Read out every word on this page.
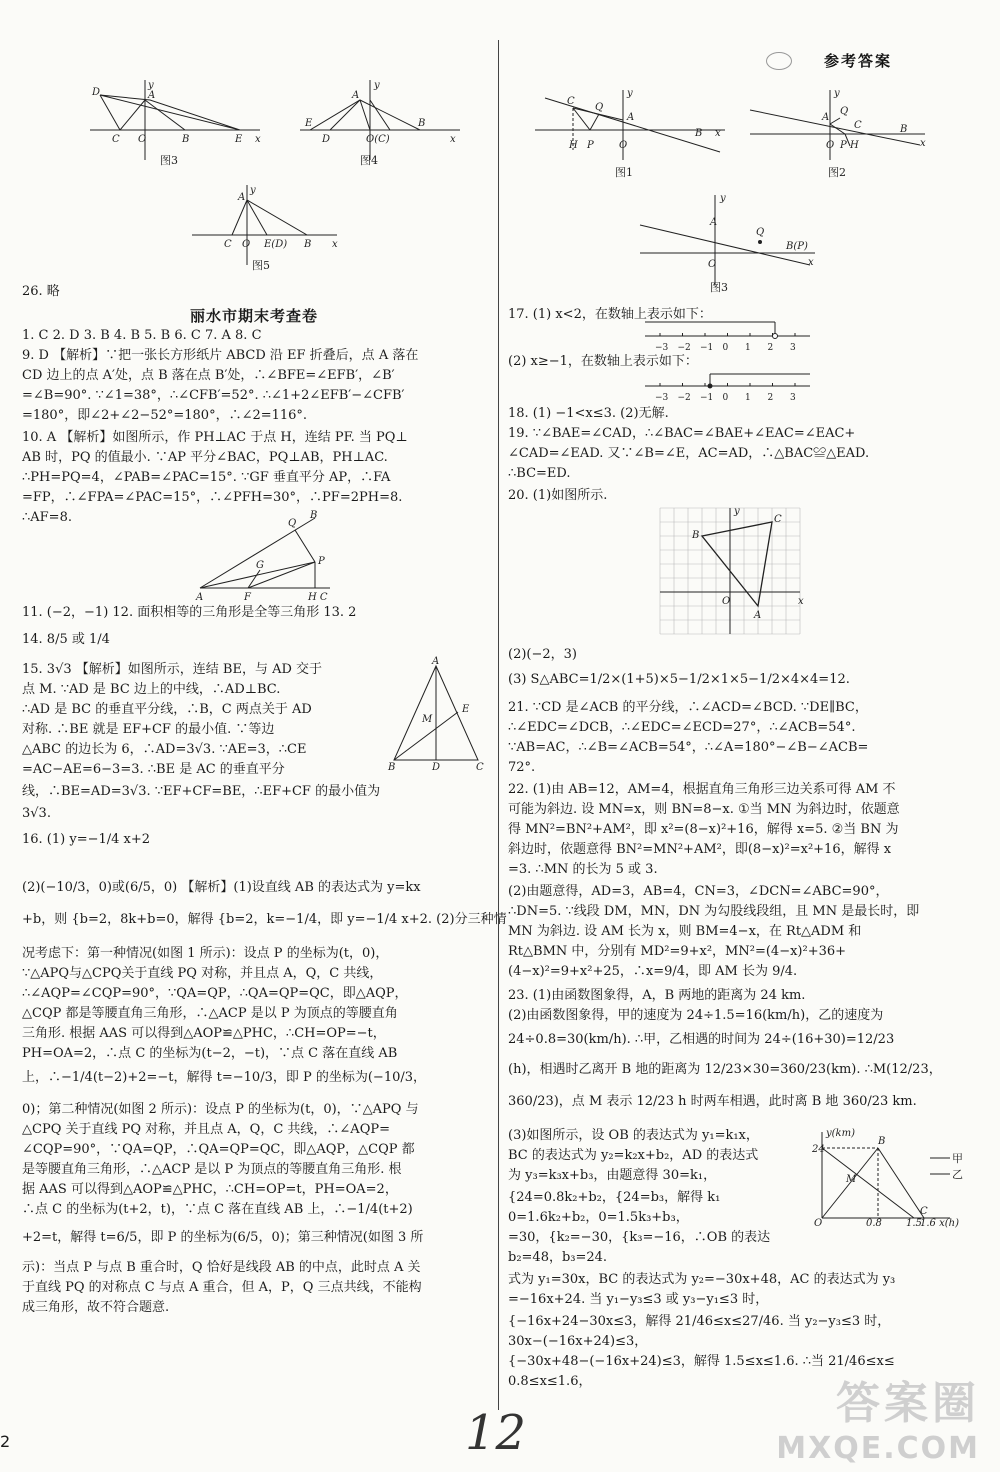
参考答案
D	A
C O	B	E x
y
图3
E
A
D	O(C)
B
x
y
图4
A
C O E(D) B x
y
图5
26. 略
丽水市期末考查卷
1. C 2. D 3. B 4. B 5. B 6. C 7. A 8. C
9. D 【解析】∵把一张长方形纸片 ABCD 沿 EF 折叠后，点 A 落在
CD 边上的点 A′处，点 B 落在点 B′处，∴∠BFE=∠EFB′，∠B′
=∠B=90°. ∵∠1=38°，∴∠CFB′=52°. ∴∠1+2∠EFB′−∠CFB′
=180°，即∠2+∠2−52°=180°，∴∠2=116°.
10. A 【解析】如图所示，作 PH⊥AC 于点 H，连结 PF. 当 PQ⊥
AB 时，PQ 的值最小. ∵AP 平分∠BAC，PQ⊥AB，PH⊥AC.
∴PH=PQ=4，∠PAB=∠PAC=15°. ∵GF 垂直平分 AP，∴FA
=FP，∴∠FPA=∠PAC=15°，∴∠PFH=30°，∴PF=2PH=8.
∴AF=8.	Q
B
P
G
F	H C
A
11. (−2，−1) 12. 面积相等的三角形是全等三角形 13. 2
14. 8/5 或 1/4
15. 3√3 【解析】如图所示，连结 BE，与 AD 交于
点 M. ∵AD 是 BC 边上的中线，∴AD⊥BC.
∴AD 是 BC 的垂直平分线，∴B，C 两点关于 AD
对称. ∴BE 就是 EF+CF 的最小值. ∵等边
△ABC 的边长为 6，∴AD=3√3. ∵AE=3，∴CE
=AC−AE=6−3=3. ∴BE 是 AC 的垂直平分
线，∴BE=AD=3√3. ∵EF+CF=BE，∴EF+CF 的最小值为
3√3.
A
B	D	C
M
E
16. (1) y=−1/4 x+2
(2)(−10/3，0)或(6/5，0) 【解析】(1)设直线 AB 的表达式为 y=kx
+b，则 {b=2，8k+b=0，解得 {b=2，k=−1/4，即 y=−1/4 x+2. (2)分三种情
况考虑下：第一种情况(如图 1 所示)：设点 P 的坐标为(t，0)，
∵△APQ与△CPQ关于直线 PQ 对称，并且点 A，Q，C 共线，
∴∠AQP=∠CQP=90°，∵QA=QP，∴QA=QP=QC，即△AQP，
△CQP 都是等腰直角三角形，∴△ACP 是以 P 为顶点的等腰直角
三角形. 根据 AAS 可以得到△AOP≌△PHC，∴CH=OP=−t，
PH=OA=2，∴点 C 的坐标为(t−2，−t)，∵点 C 落在直线 AB
上，∴−1/4(t−2)+2=−t，解得 t=−10/3，即 P 的坐标为(−10/3，
0)；第二种情况(如图 2 所示)：设点 P 的坐标为(t，0)，∵△APQ 与
△CPQ 关于直线 PQ 对称，并且点 A，Q，C 共线，∴∠AQP=
∠CQP=90°，∵QA=QP，∴QA=QP=QC，即△AQP，△CQP 都
是等腰直角三角形，∴△ACP 是以 P 为顶点的等腰直角三角形. 根
据 AAS 可以得到△AOP≌△PHC，∴CH=OP=t，PH=OA=2，
∴点 C 的坐标为(t+2，t)，∵点 C 落在直线 AB 上，∴−1/4(t+2)
+2=t，解得 t=6/5，即 P 的坐标为(6/5，0)；第三种情况(如图 3 所
示)：当点 P 与点 B 重合时，Q 恰好是线段 AB 的中点，此时点 A 关
于直线 PQ 的对称点 C 与点 A 重合，但 A，P，Q 三点共线，不能构
成三角形，故不符合题意.
C
Q
A
H P	O
B x
y
图1
A
Q
C
O P H
B
x
y
图2
A
Q
B(P)
x
O
y
图3
17. (1) x<2，在数轴上表示如下：
−3 −2 −1 0 1 2 3
(2) x≥−1，在数轴上表示如下：
−3 −2 −1 0 1 2 3
18. (1) −1<x≤3. (2)无解.
19. ∵∠BAE=∠CAD，∴∠BAC=∠BAE+∠EAC=∠EAC+
∠CAD=∠EAD. 又∵∠B=∠E，AC=AD，∴△BAC≌△EAD.
∴BC=ED.
20. (1)如图所示.
B
C
A
O	x
y
(2)(−2，3)
(3) S△ABC=1/2×(1+5)×5−1/2×1×5−1/2×4×4=12.
21. ∵CD 是∠ACB 的平分线，∴∠ACD=∠BCD. ∵DE∥BC，
∴∠EDC=∠DCB，∴∠EDC=∠ECD=27°，∴∠ACB=54°.
∵AB=AC，∴∠B=∠ACB=54°，∴∠A=180°−∠B−∠ACB=
72°.
22. (1)由 AB=12，AM=4，根据直角三角形三边关系可得 AM 不
可能为斜边. 设 MN=x，则 BN=8−x. ①当 MN 为斜边时，依题意
得 MN²=BN²+AM²，即 x²=(8−x)²+16，解得 x=5. ②当 BN 为
斜边时，依题意得 BN²=MN²+AM²，即(8−x)²=x²+16，解得 x
=3. ∴MN 的长为 5 或 3.
(2)由题意得，AD=3，AB=4，CN=3，∠DCN=∠ABC=90°，
∴DN=5. ∵线段 DM，MN，DN 为勾股线段组，且 MN 是最长时，即
MN 为斜边. 设 AM 长为 x，则 BM=4−x，在 Rt△ADM 和
Rt△BMN 中，分别有 MD²=9+x²，MN²=(4−x)²+36+
(4−x)²=9+x²+25，∴x=9/4，即 AM 长为 9/4.
23. (1)由函数图象得，A，B 两地的距离为 24 km.
(2)由函数图象得，甲的速度为 24÷1.5=16(km/h)，乙的速度为
24÷0.8=30(km/h). ∴甲，乙相遇的时间为 24÷(16+30)=12/23
(h)，相遇时乙离开 B 地的距离为 12/23×30=360/23(km). ∴M(12/23，
360/23)，点 M 表示 12/23 h 时两车相遇，此时离 B 地 360/23 km.
(3)如图所示，设 OB 的表达式为 y₁=k₁x，
BC 的表达式为 y₂=k₂x+b₂，AD 的表达式
为 y₃=k₃x+b₃，由题意得 30=k₁，
{24=0.8k₂+b₂，{24=b₃，解得 k₁
0=1.6k₂+b₂，0=1.5k₃+b₃，
=30，{k₂=−30，{k₃=−16，∴OB 的表达
b₂=48，b₃=24.
式为 y₁=30x，BC 的表达式为 y₂=−30x+48，AC 的表达式为 y₃
=−16x+24. 当 y₁−y₃≤3 或 y₃−y₁≤3 时，
{−16x+24−30x≤3，解得 21/46≤x≤27/46. 当 y₂−y₃≤3 时，
30x−(−16x+24)≤3，
{−30x+48−(−16x+24)≤3，解得 1.5≤x≤1.6. ∴当 21/46≤x≤
0.8≤x≤1.6，
24
B
M
O	0.8 1.5
1.6 x(h)
C
y(km)
甲
乙
2	12
答案圈
MXQE.COM
